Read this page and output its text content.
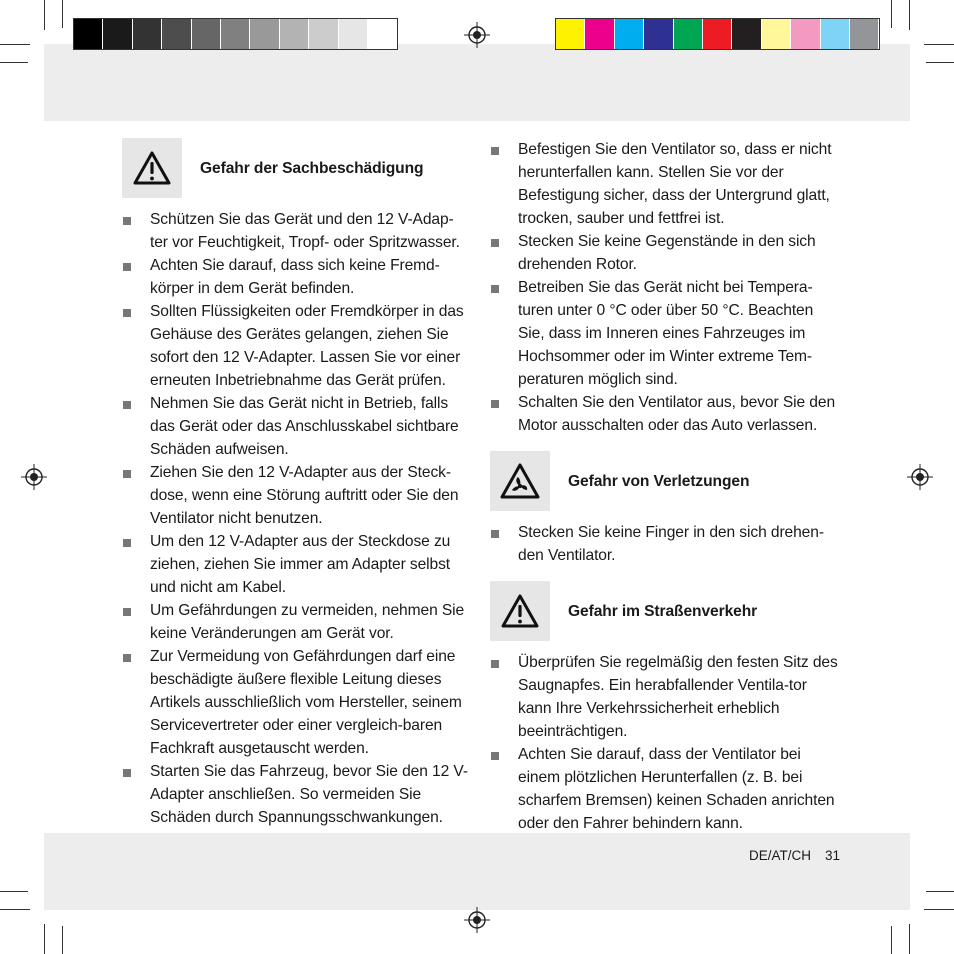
Gefahr der Sachbeschädigung
Schützen Sie das Gerät und den 12 V-Adap-ter vor Feuchtigkeit, Tropf- oder Spritzwasser.
Achten Sie darauf, dass sich keine Fremd-körper in dem Gerät befinden.
Sollten Flüssigkeiten oder Fremdkörper in das Gehäuse des Gerätes gelangen, ziehen Sie sofort den 12 V-Adapter. Lassen Sie vor einer erneuten Inbetriebnahme das Gerät prüfen.
Nehmen Sie das Gerät nicht in Betrieb, falls das Gerät oder das Anschlusskabel sichtbare Schäden aufweisen.
Ziehen Sie den 12 V-Adapter aus der Steck-dose, wenn eine Störung auftritt oder Sie den Ventilator nicht benutzen.
Um den 12 V-Adapter aus der Steckdose zu ziehen, ziehen Sie immer am Adapter selbst und nicht am Kabel.
Um Gefährdungen zu vermeiden, nehmen Sie keine Veränderungen am Gerät vor.
Zur Vermeidung von Gefährdungen darf eine beschädigte äußere flexible Leitung dieses Artikels ausschließlich vom Hersteller, seinem Servicevertreter oder einer vergleich-baren Fachkraft ausgetauscht werden.
Starten Sie das Fahrzeug, bevor Sie den 12 V-Adapter anschließen. So vermeiden Sie Schäden durch Spannungsschwankungen.
Befestigen Sie den Ventilator so, dass er nicht herunterfallen kann. Stellen Sie vor der Befestigung sicher, dass der Untergrund glatt, trocken, sauber und fettfrei ist.
Stecken Sie keine Gegenstände in den sich drehenden Rotor.
Betreiben Sie das Gerät nicht bei Tempera-turen unter 0 °C oder über 50 °C. Beachten Sie, dass im Inneren eines Fahrzeuges im Hochsommer oder im Winter extreme Tem-peraturen möglich sind.
Schalten Sie den Ventilator aus, bevor Sie den Motor ausschalten oder das Auto verlassen.
Gefahr von Verletzungen
Stecken Sie keine Finger in den sich drehen-den Ventilator.
Gefahr im Straßenverkehr
Überprüfen Sie regelmäßig den festen Sitz des Saugnapfes. Ein herabfallender Ventila-tor kann Ihre Verkehrssicherheit erheblich beeinträchtigen.
Achten Sie darauf, dass der Ventilator bei einem plötzlichen Herunterfallen (z. B. bei scharfem Bremsen) keinen Schaden anrichten oder den Fahrer behindern kann.
DE/AT/CH 31
